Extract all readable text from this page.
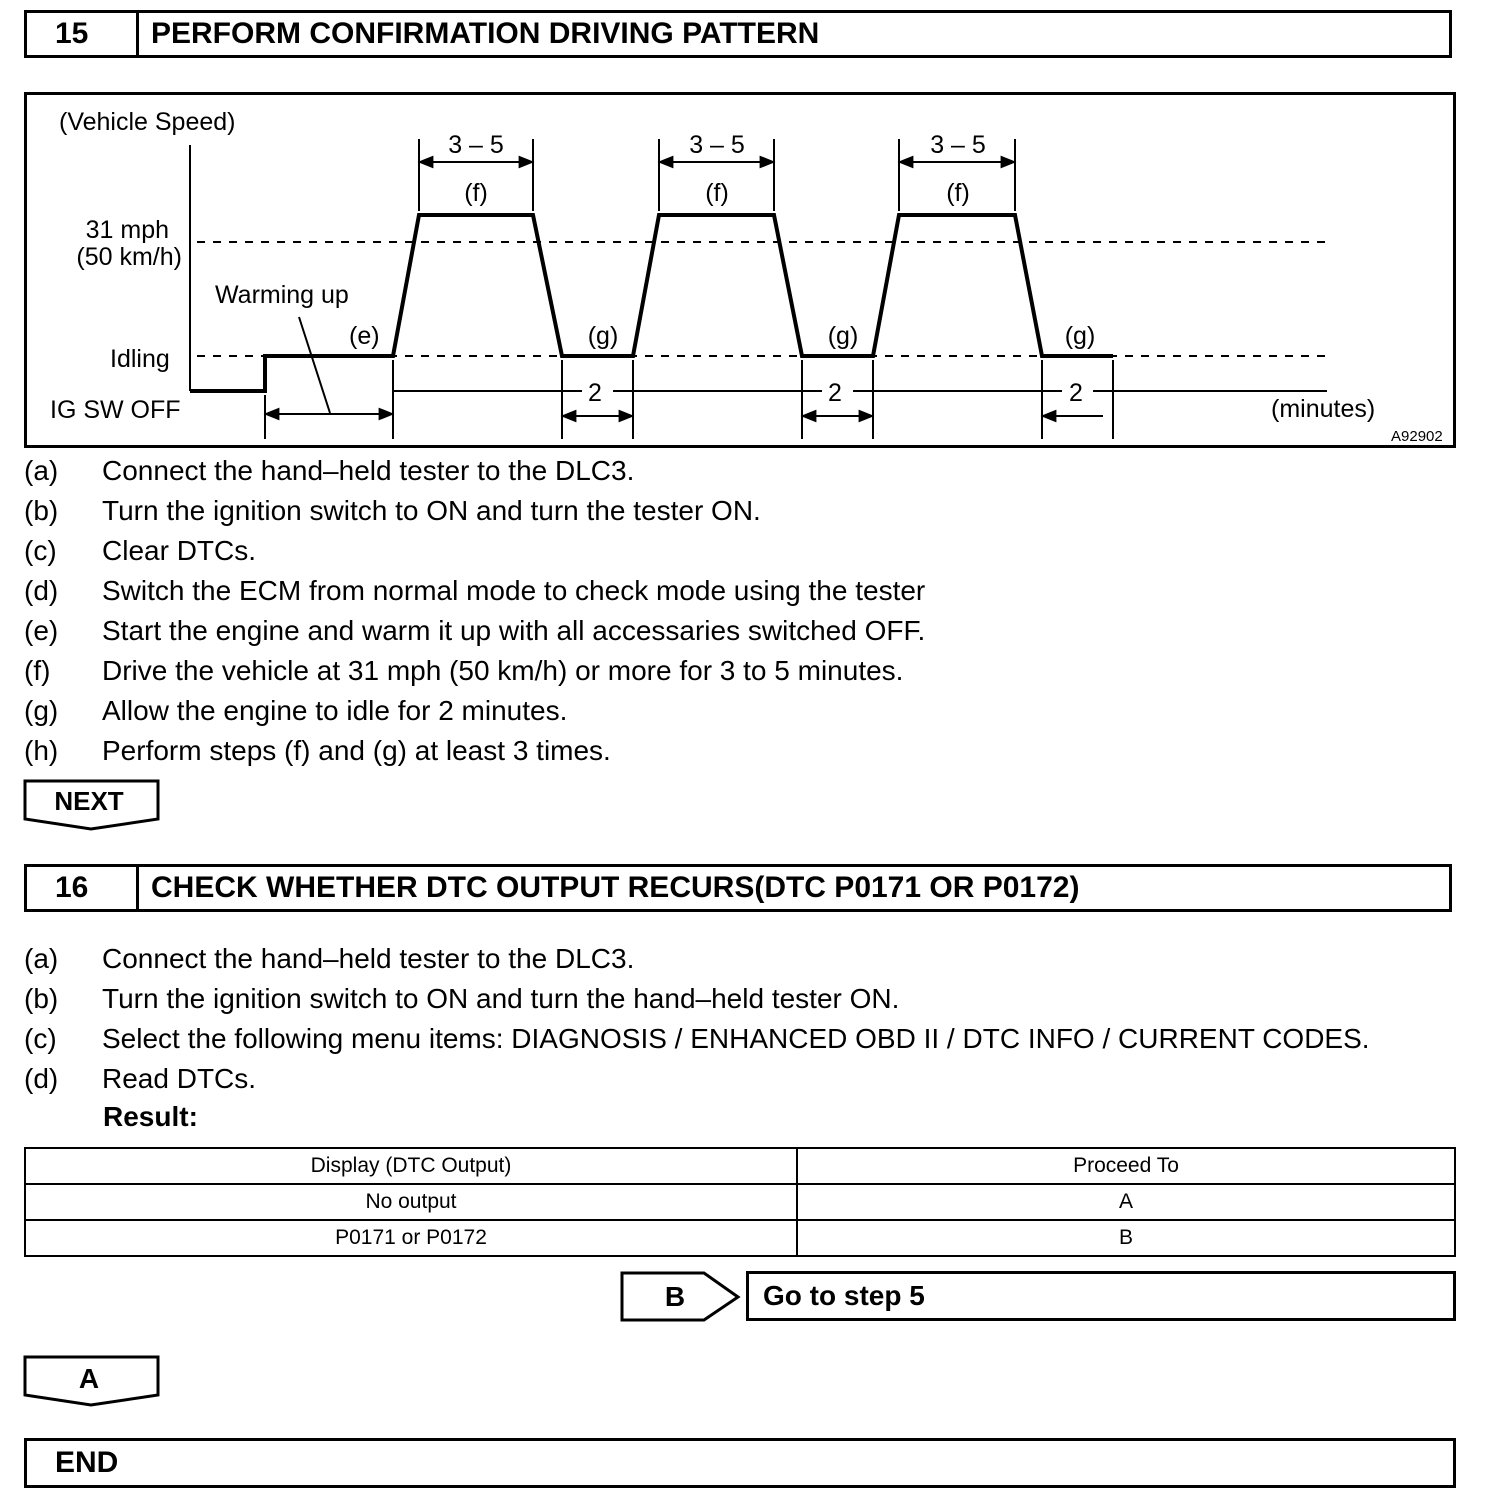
15	PERFORM CONFIRMATION DRIVING PATTERN
(Vehicle Speed)
31 mph
(50 km/h)
Idling
IG SW OFF
Warming up
(e)
3 – 5	3 – 5	3 – 5
(f)	(f)	(f)
(g)	(g)	(g)
2	2	2
(minutes)
A92902
(a)	Connect the hand–held tester to the DLC3.
(b)	Turn the ignition switch to ON and turn the tester ON.
(c)	Clear DTCs.
(d)	Switch the ECM from normal mode to check mode using the tester
(e)	Start the engine and warm it up with all accessaries switched OFF.
(f)	Drive the vehicle at 31 mph (50 km/h) or more for 3 to 5 minutes.
(g)	Allow the engine to idle for 2 minutes.
(h)	Perform steps (f) and (g) at least 3 times.
NEXT
16	CHECK WHETHER DTC OUTPUT RECURS(DTC P0171 OR P0172)
(a)	Connect the hand–held tester to the DLC3.
(b)	Turn the ignition switch to ON and turn the hand–held tester ON.
(c)	Select the following menu items: DIAGNOSIS / ENHANCED OBD II / DTC INFO / CURRENT CODES.
(d)	Read DTCs.
Result:
Display (DTC Output)	Proceed To
No output	A
P0171 or P0172	B
B	Go to step 5
A
END
